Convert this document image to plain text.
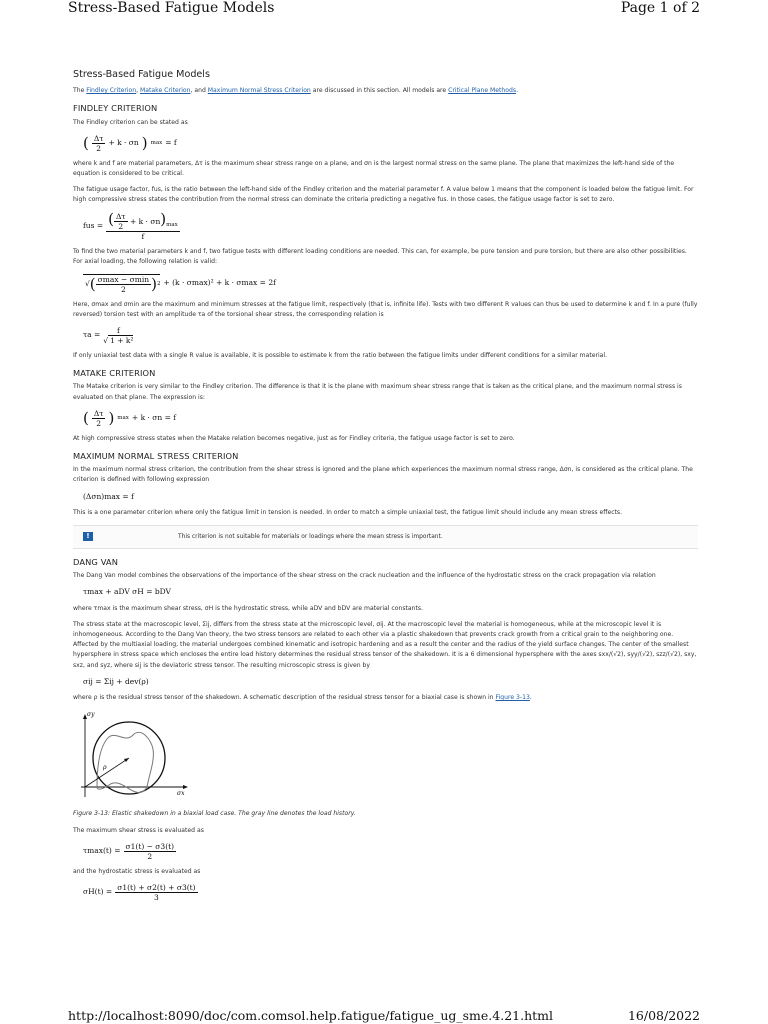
Stress-Based Fatigue Models	Page 1 of 2
Stress-Based Fatigue Models

The Findley Criterion, Matake Criterion, and Maximum Normal Stress Criterion are discussed in this section. All models are Critical Plane Methods.

FINDLEY CRITERION

The Findley criterion can be stated as

( $\frac{\Delta\tau}{2} + k \cdot \sigma n$ ) max = f

where k and f are material parameters, Δτ is the maximum shear stress range on a plane, and σn is the largest normal stress on the same plane. The plane that maximizes the left-hand side of the equation is considered to be critical.

The fatigue usage factor, fus, is the ratio between the left-hand side of the Findley criterion and the material parameter f. A value below 1 means that the component is loaded below the fatigue limit. For high compressive stress states the contribution from the normal stress can dominate the criteria predicting a negative fus. In those cases, the fatigue usage factor is set to zero.

fus = $\frac{( \frac{\Delta\tau}{2} + k \cdot \sigma n)_{max}}{f}$

To find the two material parameters k and f, two fatigue tests with different loading conditions are needed. This can, for example, be pure tension and pure torsion, but there are also other possibilities. For axial loading, the following relation is valid:

√ ( $\frac{\sigma\max - \sigma\min}{2}$ ) 2 + (k · σmax)² + k · σmax = 2f

Here, σmax and σmin are the maximum and minimum stresses at the fatigue limit, respectively (that is, infinite life). Tests with two different R values can thus be used to determine k and f. In a pure (fully reversed) torsion test with an amplitude τa of the torsional shear stress, the corresponding relation is

$\tau a = \frac{f}{\text{√ 1 + k²}}$

If only uniaxial test data with a single R value is available, it is possible to estimate k from the ratio between the fatigue limits under different conditions for a similar material.

MATAKE CRITERION

The Matake criterion is very similar to the Findley criterion. The difference is that it is the plane with maximum shear stress range that is taken as the critical plane, and the maximum normal stress is evaluated on that plane. The expression is:

( $\frac{\Delta\tau}{2}$ ) max + k · σn = f

At high compressive stress states when the Matake relation becomes negative, just as for Findley criteria, the fatigue usage factor is set to zero.

MAXIMUM NORMAL STRESS CRITERION

In the maximum normal stress criterion, the contribution from the shear stress is ignored and the plane which experiences the maximum normal stress range, Δσn, is considered as the critical plane. The criterion is defined with following expression

(Δσn)max = f

This is a one parameter criterion where only the fatigue limit in tension is needed. In order to match a simple uniaxial test, the fatigue limit should include any mean stress effects.

!	This criterion is not suitable for materials or loadings where the mean stress is important.
DANG VAN

The Dang Van model combines the observations of the importance of the shear stress on the crack nucleation and the influence of the hydrostatic stress on the crack propagation via relation

τmax + aDV σH = bDV

where τmax is the maximum shear stress, σH is the hydrostatic stress, while aDV and bDV are material constants.

The stress state at the macroscopic level, Σij, differs from the stress state at the microscopic level, σij. At the macroscopic level the material is homogeneous, while at the microscopic level it is inhomogeneous. According to the Dang Van theory, the two stress tensors are related to each other via a plastic shakedown that prevents crack growth from a critical grain to the neighboring one. Affected by the multiaxial loading, the material undergoes combined kinematic and isotropic hardening and as a result the center and the radius of the yield surface changes. The center of the smallest hypersphere in stress space which encloses the entire load history determines the residual stress tensor of the shakedown. It is a 6 dimensional hypersphere with the axes sxx/(√2), syy/(√2), szz/(√2), sxy, sxz, and syz, where sij is the deviatoric stress tensor. The resulting microscopic stress is given by

σij = Σij + dev(ρ)

where ρ is the residual stress tensor of the shakedown. A schematic description of the residual stress tensor for a biaxial case is shown in Figure 3-13.

σy
σx
ρ

Figure 3-13: Elastic shakedown in a biaxial load case. The gray line denotes the load history.

The maximum shear stress is evaluated as

$\tau\max(t) = \frac{\sigma 1(t) - \sigma 3(t)}{2}$

and the hydrostatic stress is evaluated as

$\sigma H(t) = \frac{\sigma 1(t) + \sigma 2(t) + \sigma 3(t)}{3}$
http://localhost:8090/doc/com.comsol.help.fatigue/fatigue_ug_sme.4.21.html	16/08/2022
